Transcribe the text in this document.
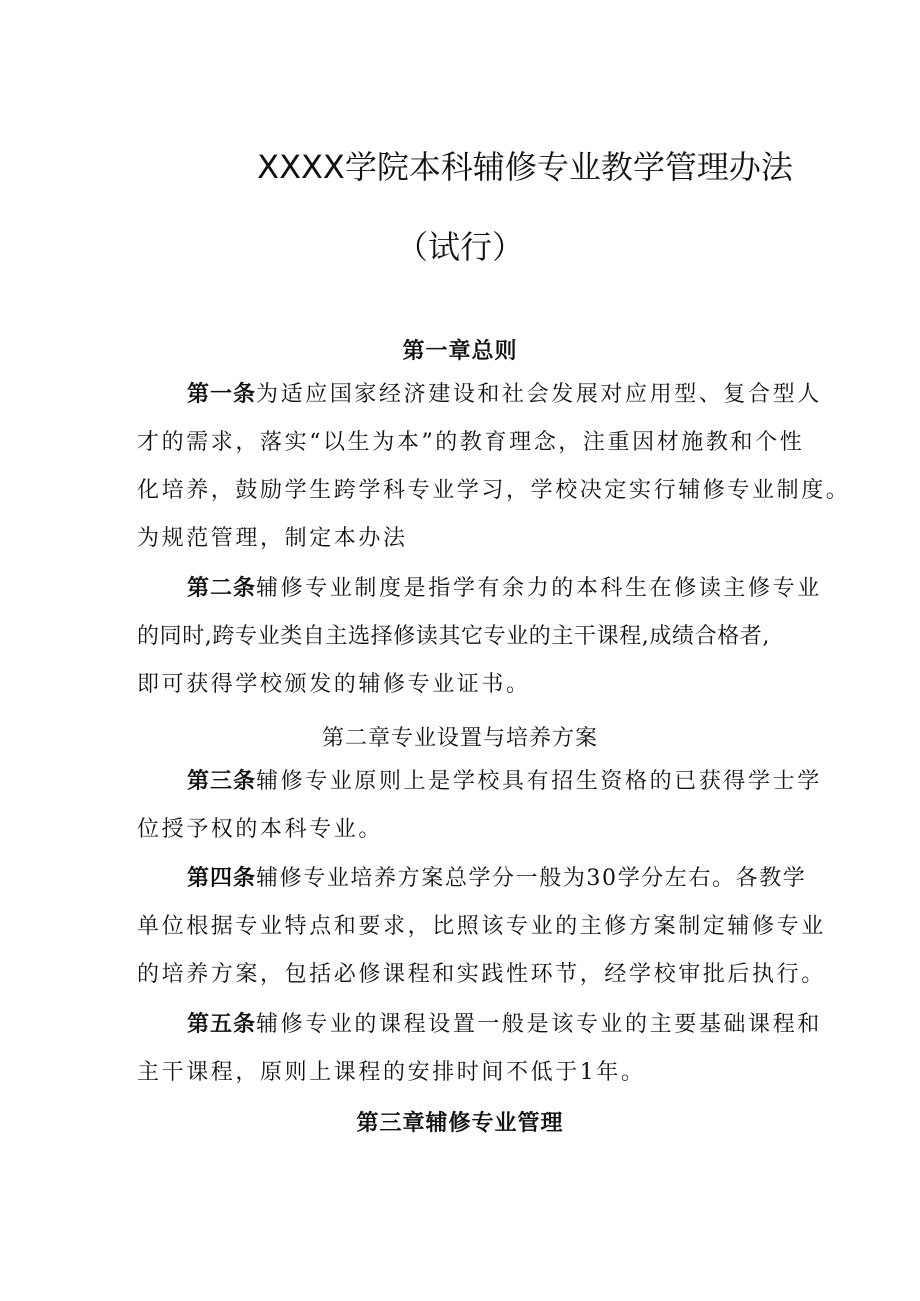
XXXX学院本科辅修专业教学管理办法
（试行）
第一章总则
第一条为适应国家经济建设和社会发展对应用型、复合型人
才的需求，落实“以生为本”的教育理念，注重因材施教和个性
化培养，鼓励学生跨学科专业学习，学校决定实行辅修专业制度。
为规范管理，制定本办法
第二条辅修专业制度是指学有余力的本科生在修读主修专业
的同时,跨专业类自主选择修读其它专业的主干课程,成绩合格者,
即可获得学校颁发的辅修专业证书。
第二章专业设置与培养方案
第三条辅修专业原则上是学校具有招生资格的已获得学士学
位授予权的本科专业。
第四条辅修专业培养方案总学分一般为30学分左右。各教学
单位根据专业特点和要求，比照该专业的主修方案制定辅修专业
的培养方案，包括必修课程和实践性环节，经学校审批后执行。
第五条辅修专业的课程设置一般是该专业的主要基础课程和
主干课程，原则上课程的安排时间不低于1年。
第三章辅修专业管理
